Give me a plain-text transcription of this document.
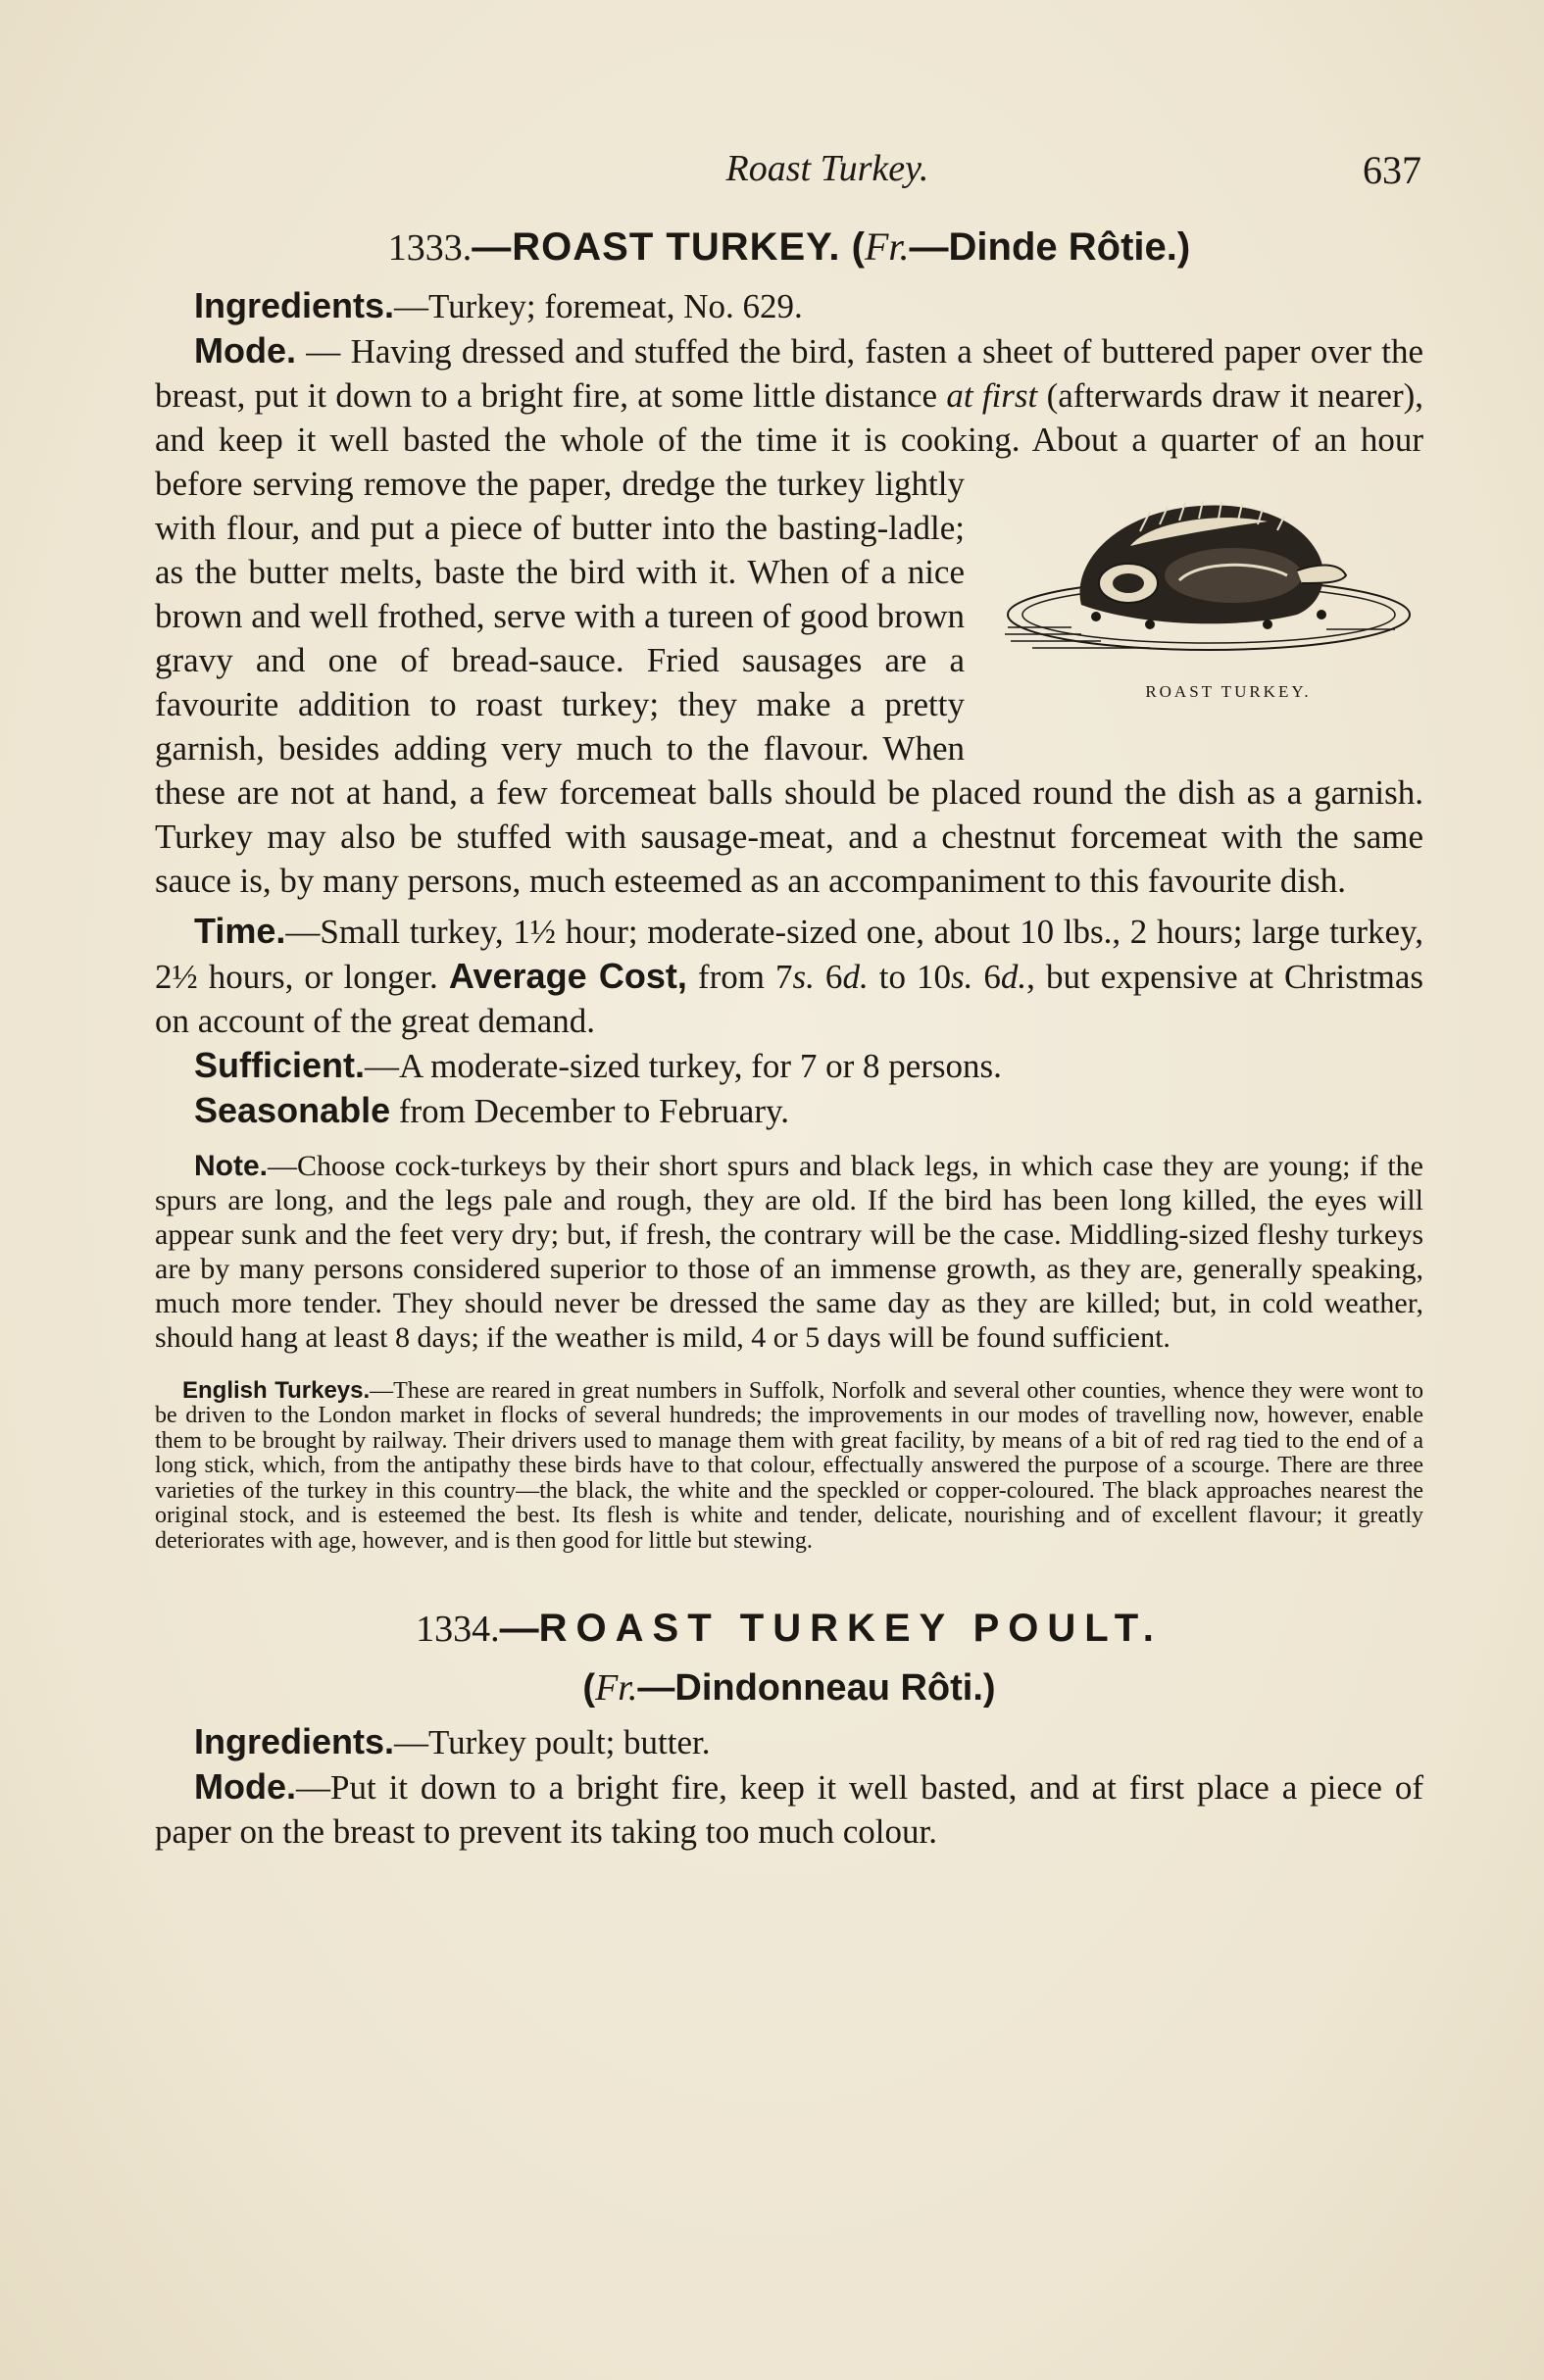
Roast Turkey.	637
1333.—ROAST TURKEY. (Fr.—Dinde Rôtie.)

Ingredients.—Turkey; foremeat, No. 629.

Mode. — Having dressed and stuffed the bird, fasten a sheet of buttered paper over the breast, put it down to a bright fire, at some little distance at first (afterwards draw it nearer), and keep it well basted the whole of the time it is cooking. About a quarter of an hour
ROAST TURKEY.
before serving remove the paper, dredge the turkey lightly with flour, and put a piece of butter into the basting-ladle; as the butter melts, baste the bird with it. When of a nice brown and well frothed, serve with a tureen of good brown gravy and one of bread-sauce. Fried sausages are a favourite addition to roast turkey; they make a pretty garnish, besides adding very much to the flavour. When these are not at hand, a few forcemeat balls should be placed round the dish as a garnish. Turkey may also be stuffed with sausage-meat, and a chestnut forcemeat with the same sauce is, by many persons, much esteemed as an accompaniment to this favourite dish.

Time.—Small turkey, 1½ hour; moderate-sized one, about 10 lbs., 2 hours; large turkey, 2½ hours, or longer. Average Cost, from 7s. 6d. to 10s. 6d., but expensive at Christmas on account of the great demand.

Sufficient.—A moderate-sized turkey, for 7 or 8 persons.

Seasonable from December to February.

Note.—Choose cock-turkeys by their short spurs and black legs, in which case they are young; if the spurs are long, and the legs pale and rough, they are old. If the bird has been long killed, the eyes will appear sunk and the feet very dry; but, if fresh, the contrary will be the case. Middling-sized fleshy turkeys are by many persons considered superior to those of an immense growth, as they are, generally speaking, much more tender. They should never be dressed the same day as they are killed; but, in cold weather, should hang at least 8 days; if the weather is mild, 4 or 5 days will be found sufficient.

English Turkeys.—These are reared in great numbers in Suffolk, Norfolk and several other counties, whence they were wont to be driven to the London market in flocks of several hundreds; the improvements in our modes of travelling now, however, enable them to be brought by railway. Their drivers used to manage them with great facility, by means of a bit of red rag tied to the end of a long stick, which, from the antipathy these birds have to that colour, effectually answered the purpose of a scourge. There are three varieties of the turkey in this country—the black, the white and the speckled or copper-coloured. The black approaches nearest the original stock, and is esteemed the best. Its flesh is white and tender, delicate, nourishing and of excellent flavour; it greatly deteriorates with age, however, and is then good for little but stewing.

1334.—ROAST TURKEY POULT.
(Fr.—Dindonneau Rôti.)

Ingredients.—Turkey poult; butter.

Mode.—Put it down to a bright fire, keep it well basted, and at first place a piece of paper on the breast to prevent its taking too much colour.
